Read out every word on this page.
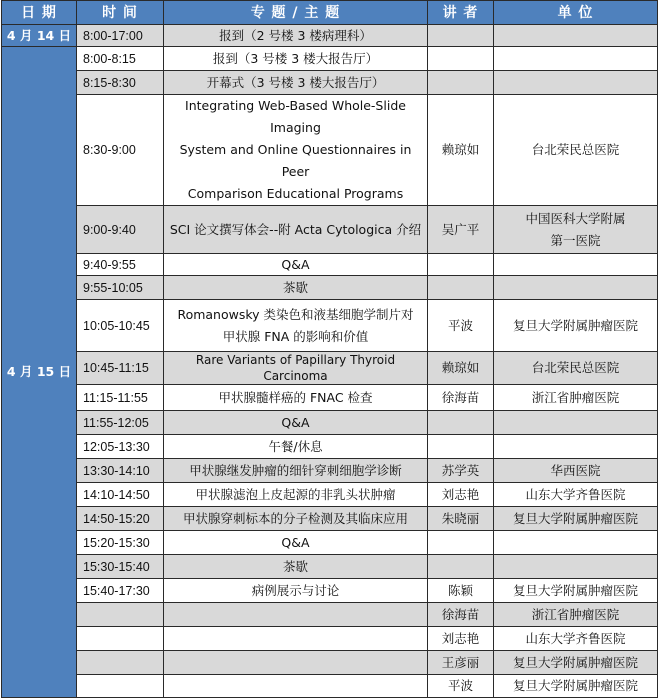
日 期	时 间	专 题 / 主 题	讲 者	单 位
4 月 14 日	8:00-17:00	报到（2 号楼 3 楼病理科）		
4 月 15 日	8:00-8:15	报到（3 号楼 3 楼大报告厅）		
	8:15-8:30	开幕式（3 号楼 3 楼大报告厅）		
	8:30-9:00	Integrating Web-Based Whole-Slide Imaging
System and Online Questionnaires in Peer
Comparison Educational Programs	赖琼如	台北荣民总医院
	9:00-9:40	SCI 论文撰写体会--附 Acta Cytologica 介绍	吴广平	中国医科大学附属
第一医院

	9:40-9:55	Q&A		
	9:55-10:05	茶歇		
	10:05-10:45	Romanowsky 类染色和液基细胞学制片对
甲状腺 FNA 的影响和价值	平波	复旦大学附属肿瘤医院
	10:45-11:15	Rare Variants of Papillary Thyroid Carcinoma	赖琼如	台北荣民总医院
	11:15-11:55	甲状腺髓样癌的 FNAC 检查	徐海苗	浙江省肿瘤医院
	11:55-12:05	Q&A		
	12:05-13:30	午餐/休息		
	13:30-14:10	甲状腺继发肿瘤的细针穿刺细胞学诊断	苏学英	华西医院
	14:10-14:50	甲状腺滤泡上皮起源的非乳头状肿瘤	刘志艳	山东大学齐鲁医院
	14:50-15:20	甲状腺穿刺标本的分子检测及其临床应用	朱晓丽	复旦大学附属肿瘤医院
	15:20-15:30	Q&A		
	15:30-15:40	茶歇		
	15:40-17:30	病例展示与讨论	陈颖	复旦大学附属肿瘤医院
			徐海苗	浙江省肿瘤医院
			刘志艳	山东大学齐鲁医院
			王彦丽	复旦大学附属肿瘤医院
			平波	复旦大学附属肿瘤医院
